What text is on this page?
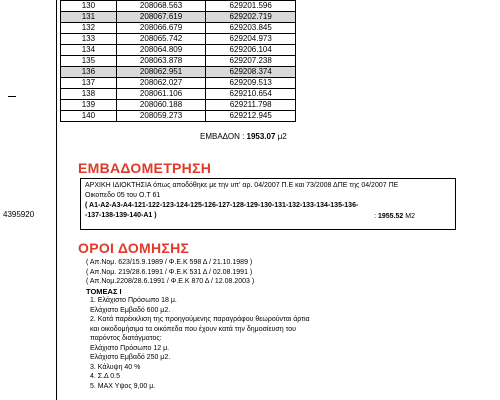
4395920
130	208068.563	629201.596
131	208067.619	629202.719
132	208066.679	629203.845
133	208065.742	629204.973
134	208064.809	629206.104
135	208063.878	629207.238
136	208062.951	629208.374
137	208062.027	629209.513
138	208061.106	629210.654
139	208060.188	629211.798
140	208059.273	629212.945
ΕΜΒΑΔΟΝ : 1953.07 μ2
ΕΜΒΑΔΟΜΕΤΡΗΣΗ
ΑΡΧΙΚΗ ΙΔΙΟΚΤΗΣΙΑ όπως αποδόθηκε με την υπ' αρ. 04/2007 Π.Ε και 73/2008 ΔΠΕ της 04/2007 ΠΕ
Οικοπεδο 05 του Ο.Τ 61
( Α1-Α2-Α3-Α4-121-122-123-124-125-126-127-128-129-130-131-132-133-134-135-136-
-137-138-139-140-Α1 )	: 1955.52 Μ2
ΟΡΟΙ ΔΟΜΗΣΗΣ
( Απ.Νομ. 623/15.9.1989 / Φ.Ε.Κ 598 Δ / 21.10.1989 )
( Απ.Νομ. 219/28.6.1991 / Φ.Ε.Κ 531 Δ / 02.08.1991 )
( Απ.Νομ.2208/28.6.1991 / Φ.Ε.Κ 870 Δ / 12.08.2003 )
ΤΟΜΕΑΣ Ι
1. Ελάχιστο Πρόσωπο 18 μ.
Ελάχιστο Εμβαδό 600 μ2.
2. Κατά παρέκκλιση της προηγούμενης παραγράφου θεωρούνται άρτια
και οικοδομήσιμα τα οικόπεδα που έχουν κατά την δημοσίευση του
παρόντος διατάγματος:
Ελάχιστο Πρόσωπο 12 μ.
Ελάχιστο Εμβαδό 250 μ2.
3. Κάλυψη 40 %
4. Σ.Δ 0.5
5. ΜΑΧ Υψος 9,00 μ.
